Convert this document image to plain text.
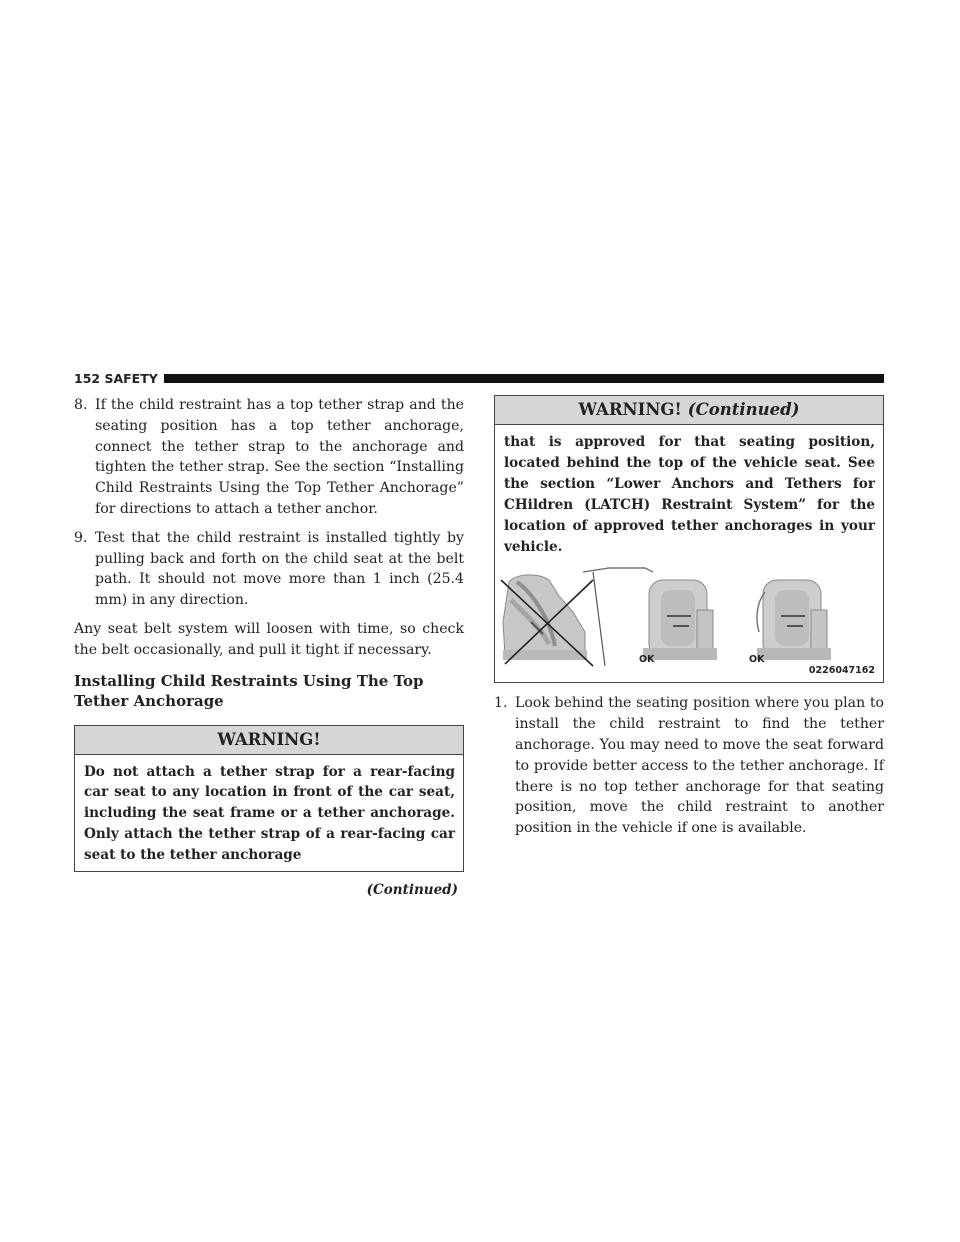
152 SAFETY
8. If the child restraint has a top tether strap and the seating position has a top tether anchorage, connect the tether strap to the anchorage and tighten the tether strap. See the section “Installing Child Restraints Using the Top Tether Anchorage” for directions to attach a tether anchor.
9. Test that the child restraint is installed tightly by pulling back and forth on the child seat at the belt path. It should not move more than 1 inch (25.4 mm) in any direction.

Any seat belt system will loosen with time, so check the belt occasionally, and pull it tight if necessary.

Installing Child Restraints Using The Top Tether Anchorage
WARNING!
Do not attach a tether strap for a rear-facing car seat to any location in front of the car seat, including the seat frame or a tether anchorage. Only attach the tether strap of a rear-facing car seat to the tether anchorage
(Continued)
WARNING! (Continued)
that is approved for that seating position, located behind the top of the vehicle seat. See the section “Lower Anchors and Tethers for CHildren (LATCH) Restraint System” for the location of approved tether anchorages in your vehicle.
OK	OK
0226047162
1. Look behind the seating position where you plan to install the child restraint to find the tether anchorage. You may need to move the seat forward to provide better access to the tether anchorage. If there is no top tether anchorage for that seating position, move the child restraint to another position in the vehicle if one is available.
